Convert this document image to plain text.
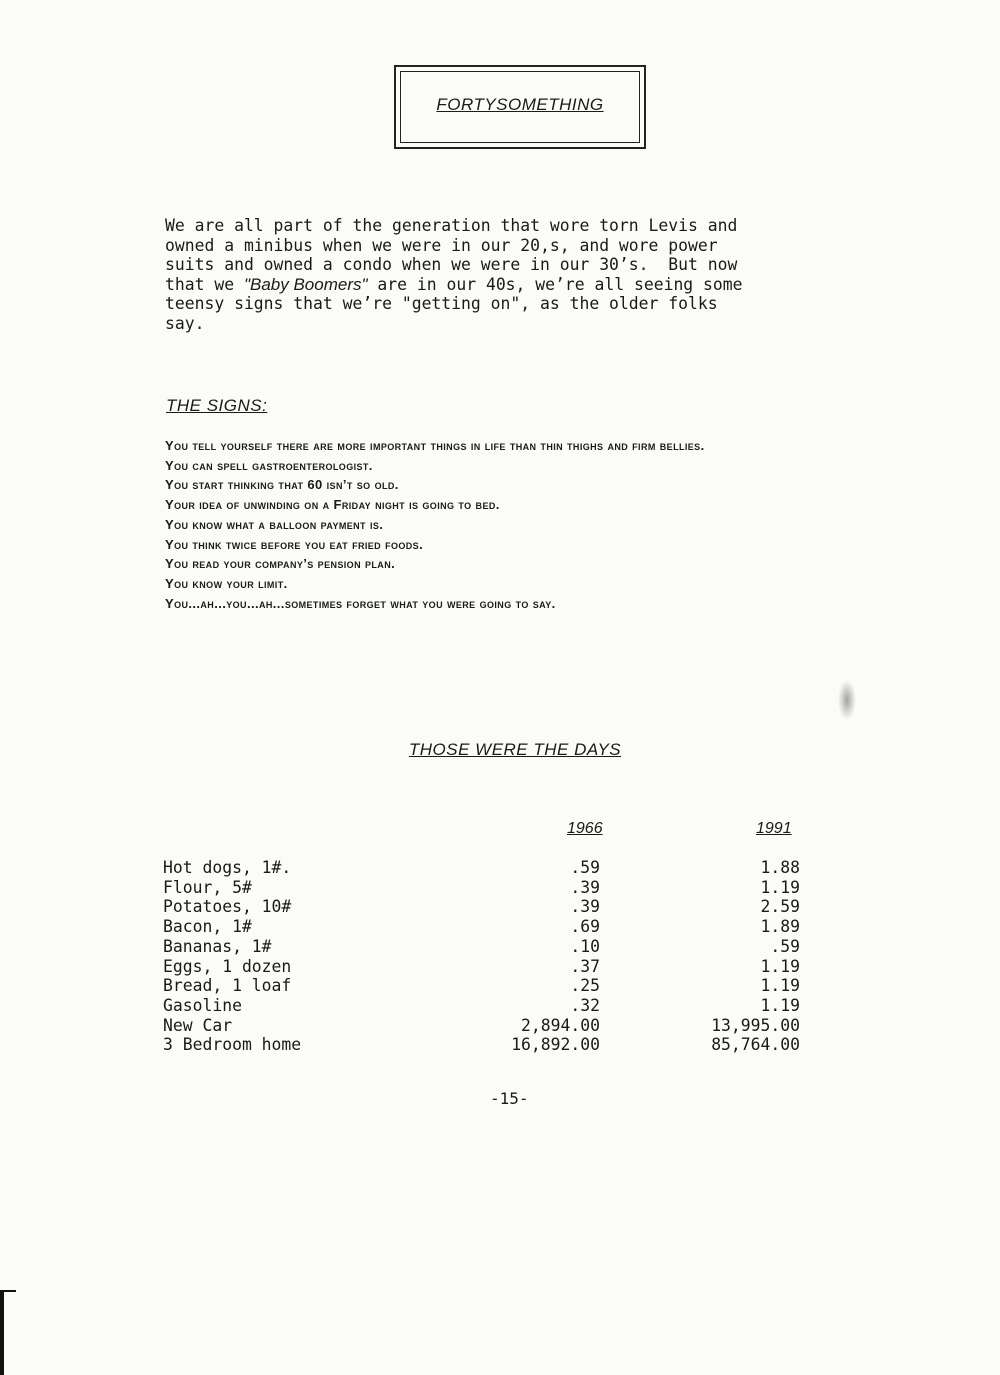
FORTYSOMETHING
We are all part of the generation that wore torn Levis and
owned a minibus when we were in our 20,s, and wore power
suits and owned a condo when we were in our 30’s.  But now
that we "Baby Boomers" are in our 40s, we’re all seeing some
teensy signs that we’re "getting on", as the older folks
say.
THE SIGNS:
You tell yourself there are more important things in life than thin thighs and firm bellies.
You can spell gastroenterologist.
You start thinking that 60 isn’t so old.
Your idea of unwinding on a Friday night is going to bed.
You know what a balloon payment is.
You think twice before you eat fried foods.
You read your company’s pension plan.
You know your limit.
You...ah...you...ah...sometimes forget what you were going to say.
THOSE WERE THE DAYS
1966	1991
Hot dogs, 1#.	.59	1.88
Flour, 5#	.39	1.19
Potatoes, 10#	.39	2.59
Bacon, 1#	.69	1.89
Bananas, 1#	.10	.59
Eggs, 1 dozen	.37	1.19
Bread, 1 loaf	.25	1.19
Gasoline	.32	1.19
New Car	2,894.00	13,995.00
3 Bedroom home	16,892.00	85,764.00
-15-
